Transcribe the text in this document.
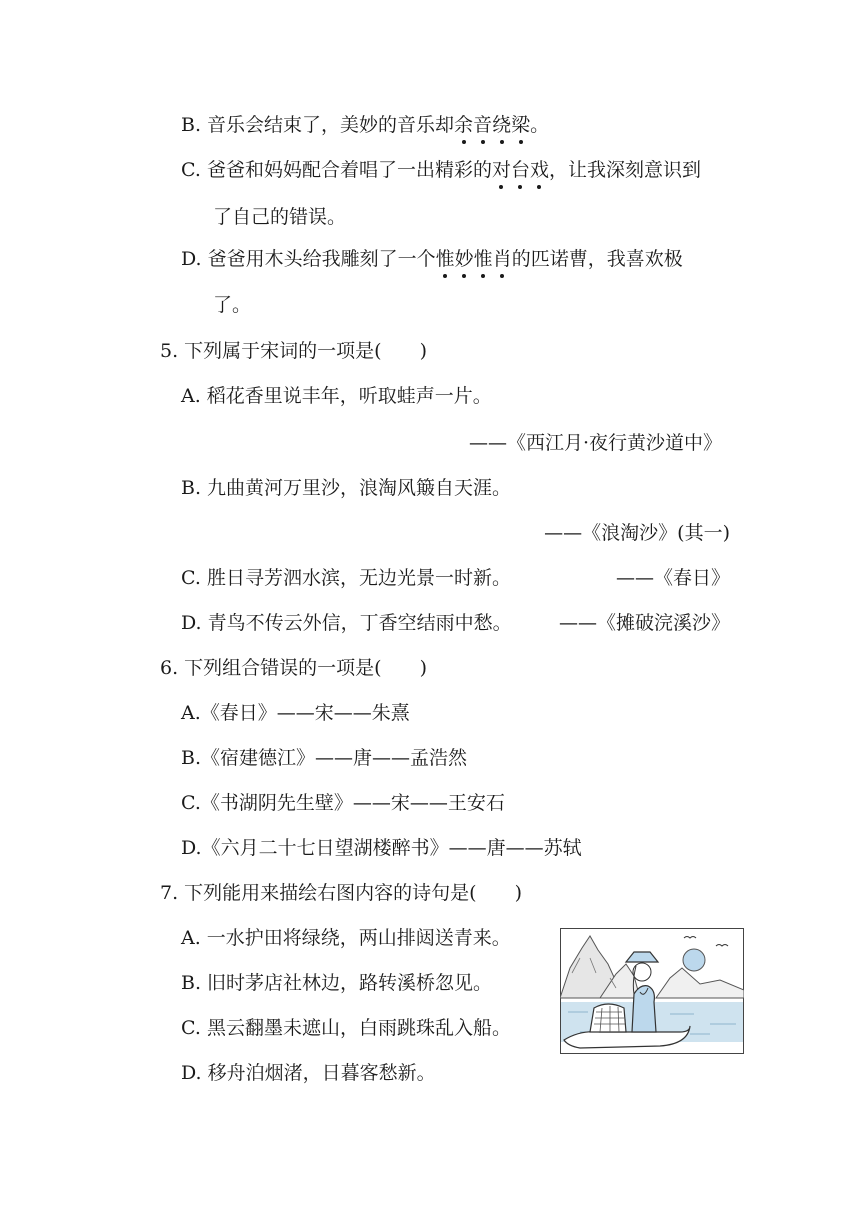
B. 音乐会结束了，美妙的音乐却余音绕梁。
C. 爸爸和妈妈配合着唱了一出精彩的对台戏，让我深刻意识到
了自己的错误。
D. 爸爸用木头给我雕刻了一个惟妙惟肖的匹诺曹，我喜欢极
了。
5. 下列属于宋词的一项是( )
A. 稻花香里说丰年，听取蛙声一片。
——《西江月·夜行黄沙道中》
B. 九曲黄河万里沙，浪淘风簸自天涯。
——《浪淘沙》(其一)
C. 胜日寻芳泗水滨，无边光景一时新。	——《春日》
D. 青鸟不传云外信，丁香空结雨中愁。 ——《摊破浣溪沙》
6. 下列组合错误的一项是( )
A.《春日》——宋——朱熹
B.《宿建德江》——唐——孟浩然
C.《书湖阴先生壁》——宋——王安石
D.《六月二十七日望湖楼醉书》——唐——苏轼
7. 下列能用来描绘右图内容的诗句是( )
A. 一水护田将绿绕，两山排闼送青来。
B. 旧时茅店社林边，路转溪桥忽见。
C. 黑云翻墨未遮山，白雨跳珠乱入船。
D. 移舟泊烟渚，日暮客愁新。
